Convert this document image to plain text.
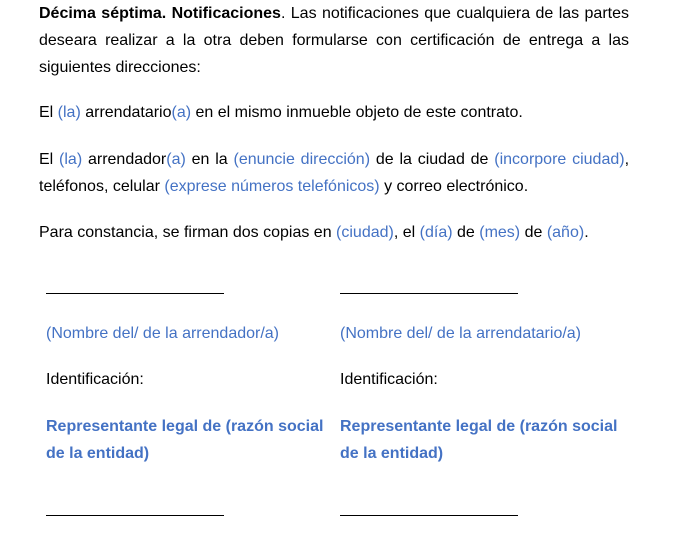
Décima séptima. Notificaciones. Las notificaciones que cualquiera de las partes deseara realizar a la otra deben formularse con certificación de entrega a las siguientes direcciones:

El (la) arrendatario(a) en el mismo inmueble objeto de este contrato.

El (la) arrendador(a) en la (enuncie dirección) de la ciudad de (incorpore ciudad), teléfonos, celular (exprese números telefónicos) y correo electrónico.

Para constancia, se firman dos copias en (ciudad), el (día) de (mes) de (año).

(Nombre del/ de la arrendador/a)
Identificación:
Representante legal de (razón social
de la entidad)
(Nombre del/ de la arrendatario/a)
Identificación:
Representante legal de (razón social
de la entidad)
